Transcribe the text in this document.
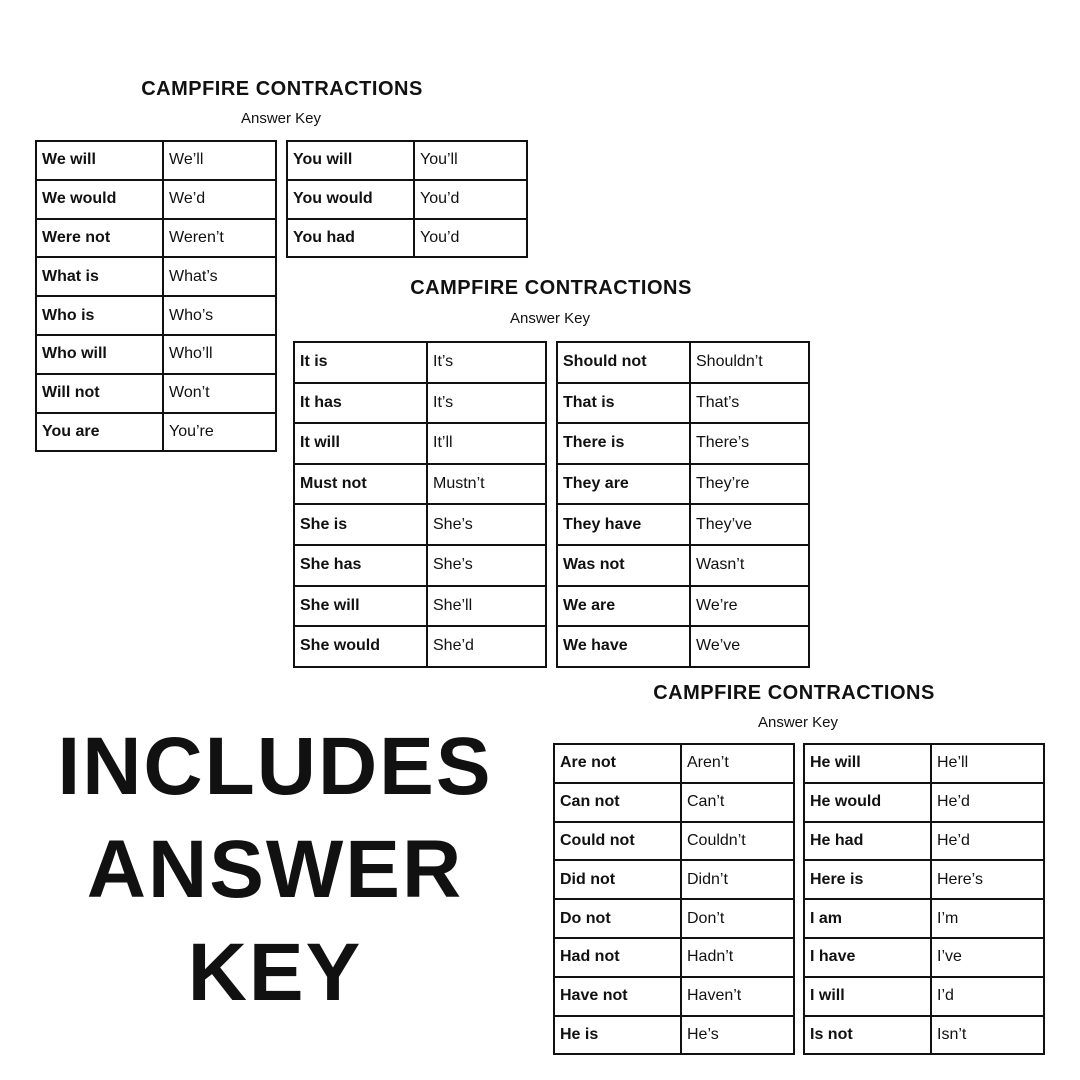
CAMPFIRE CONTRACTIONS
Answer Key
We will	We’ll
We would	We’d
Were not	Weren’t
What is	What’s
Who is	Who’s
Who will	Who’ll
Will not	Won’t
You are	You’re
You will	You’ll
You would	You’d
You had	You’d
CAMPFIRE CONTRACTIONS
Answer Key
It is	It’s
It has	It’s
It will	It’ll
Must not	Mustn’t
She is	She’s
She has	She’s
She will	She’ll
She would	She’d
Should not	Shouldn’t
That is	That’s
There is	There’s
They are	They’re
They have	They’ve
Was not	Wasn’t
We are	We’re
We have	We’ve
CAMPFIRE CONTRACTIONS
Answer Key
Are not	Aren’t
Can not	Can’t
Could not	Couldn’t
Did not	Didn’t
Do not	Don’t
Had not	Hadn’t
Have not	Haven’t
He is	He’s
He will	He’ll
He would	He’d
He had	He’d
Here is	Here’s
I am	I’m
I have	I’ve
I will	I’d
Is not	Isn’t
INCLUDES
ANSWER
KEY
